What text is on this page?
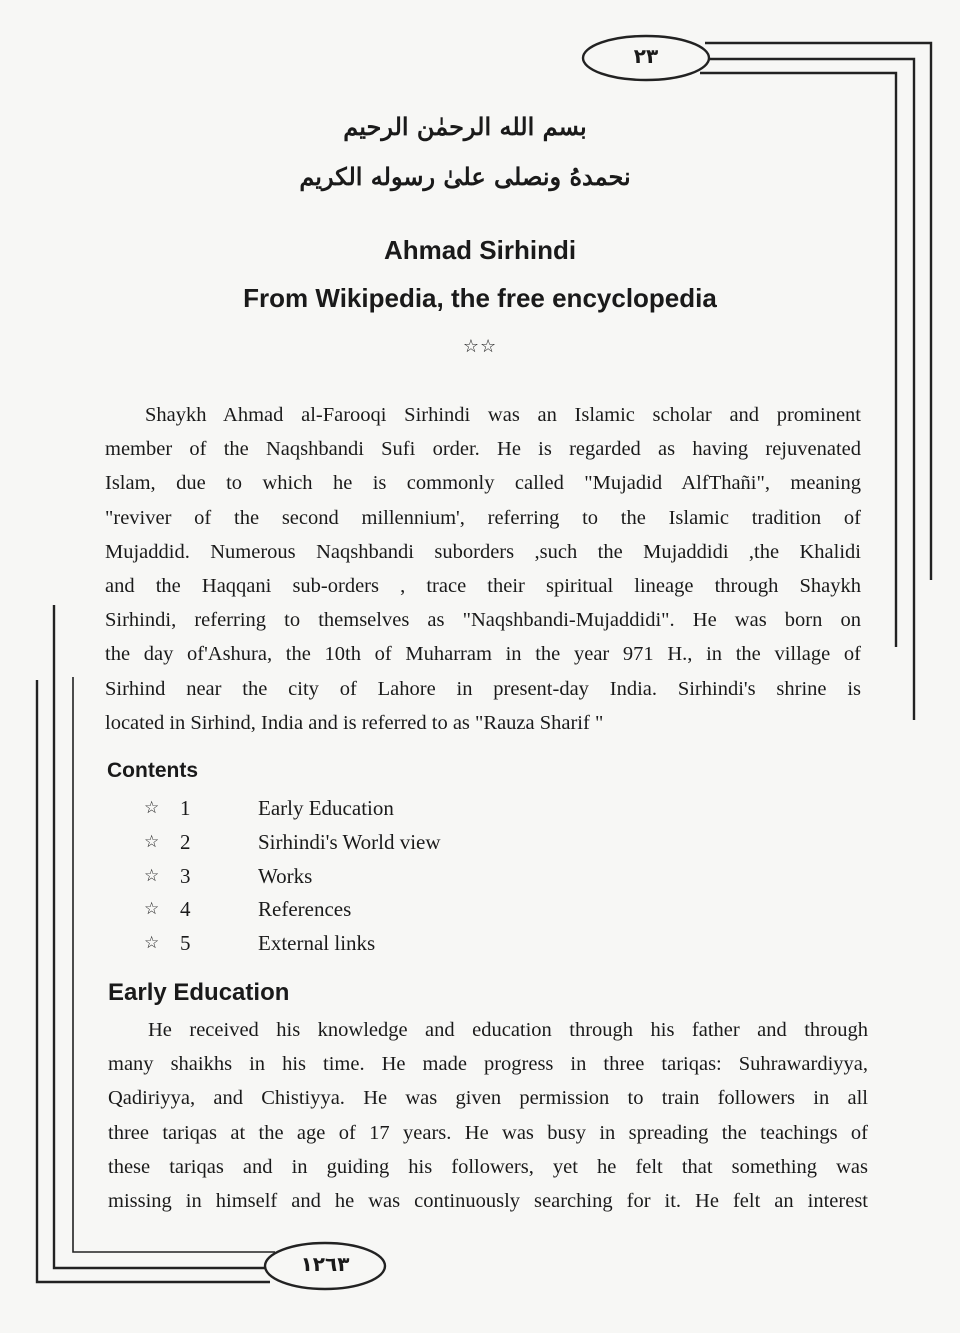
٢٣
١٢٦٣
بسم الله الرحمٰن الرحيم
نحمدهُ ونصلى علىٰ رسوله الكريم
Ahmad Sirhindi
From Wikipedia, the free encyclopedia
☆☆
Shaykh Ahmad al-Farooqi Sirhindi was an Islamic scholar and prominent
member of the Naqshbandi Sufi order. He is regarded as having rejuvenated
Islam, due to which he is commonly called "Mujadid AlfThañi", meaning
"reviver of the second millennium', referring to the Islamic tradition of
Mujaddid. Numerous Naqshbandi suborders ,such the Mujaddidi ,the Khalidi
and the Haqqani sub-orders , trace their spiritual lineage through Shaykh
Sirhindi, referring to themselves as "Naqshbandi-Mujaddidi". He was born on
the day of'Ashura, the 10th of Muharram in the year 971 H., in the village of
Sirhind near the city of Lahore in present-day India. Sirhindi's shrine is
located in Sirhind, India and is referred to as "Rauza Sharif "
Contents
☆ 1	Early Education
☆ 2	Sirhindi's World view
☆ 3	Works
☆ 4	References
☆ 5	External links
Early Education
He received his knowledge and education through his father and through
many shaikhs in his time. He made progress in three tariqas: Suhrawardiyya,
Qadiriyya, and Chistiyya. He was given permission to train followers in all
three tariqas at the age of 17 years. He was busy in spreading the teachings of
these tariqas and in guiding his followers, yet he felt that something was
missing in himself and he was continuously searching for it. He felt an interest
